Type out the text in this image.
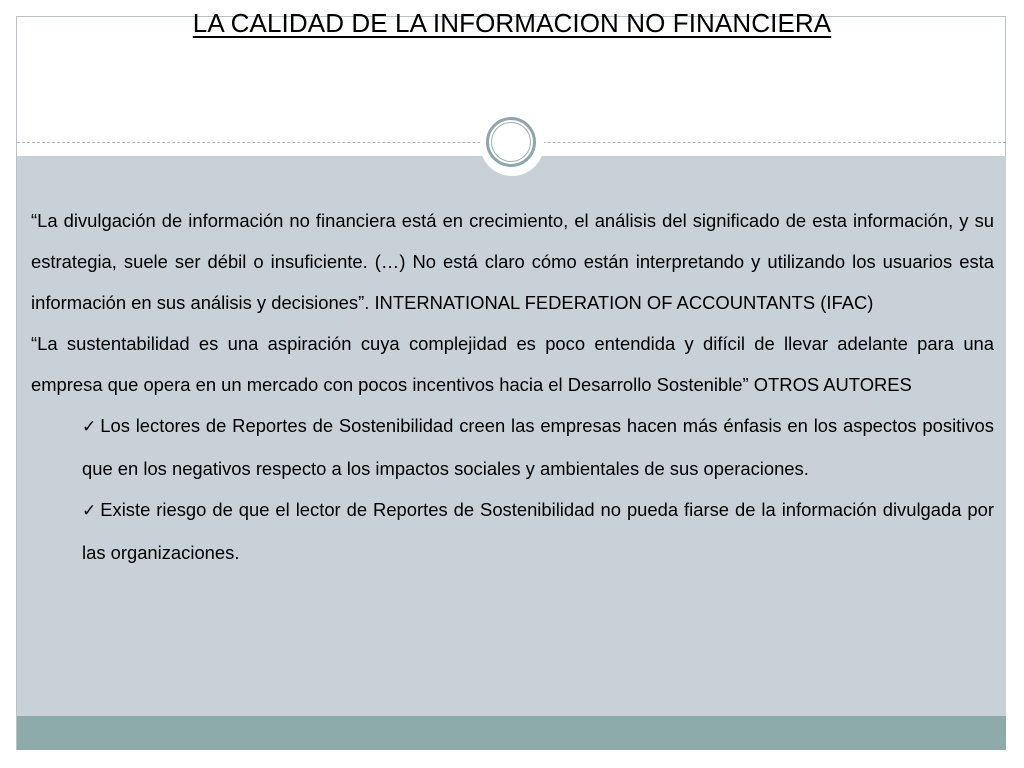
LA CALIDAD DE LA INFORMACION NO FINANCIERA

“La divulgación de información no financiera está en crecimiento, el análisis del significado de esta información, y su estrategia, suele ser débil o insuficiente. (…) No está claro cómo están interpretando y utilizando los usuarios esta información en sus análisis y decisiones”. INTERNATIONAL FEDERATION OF ACCOUNTANTS (IFAC)

“La sustentabilidad es una aspiración cuya complejidad es poco entendida y difícil de llevar adelante para una empresa que opera en un mercado con pocos incentivos hacia el Desarrollo Sostenible” OTROS AUTORES

✓ Los lectores de Reportes de Sostenibilidad creen las empresas hacen más énfasis en los aspectos positivos que en los negativos respecto a los impactos sociales y ambientales de sus operaciones.
✓ Existe riesgo de que el lector de Reportes de Sostenibilidad no pueda fiarse de la información divulgada por las organizaciones.
